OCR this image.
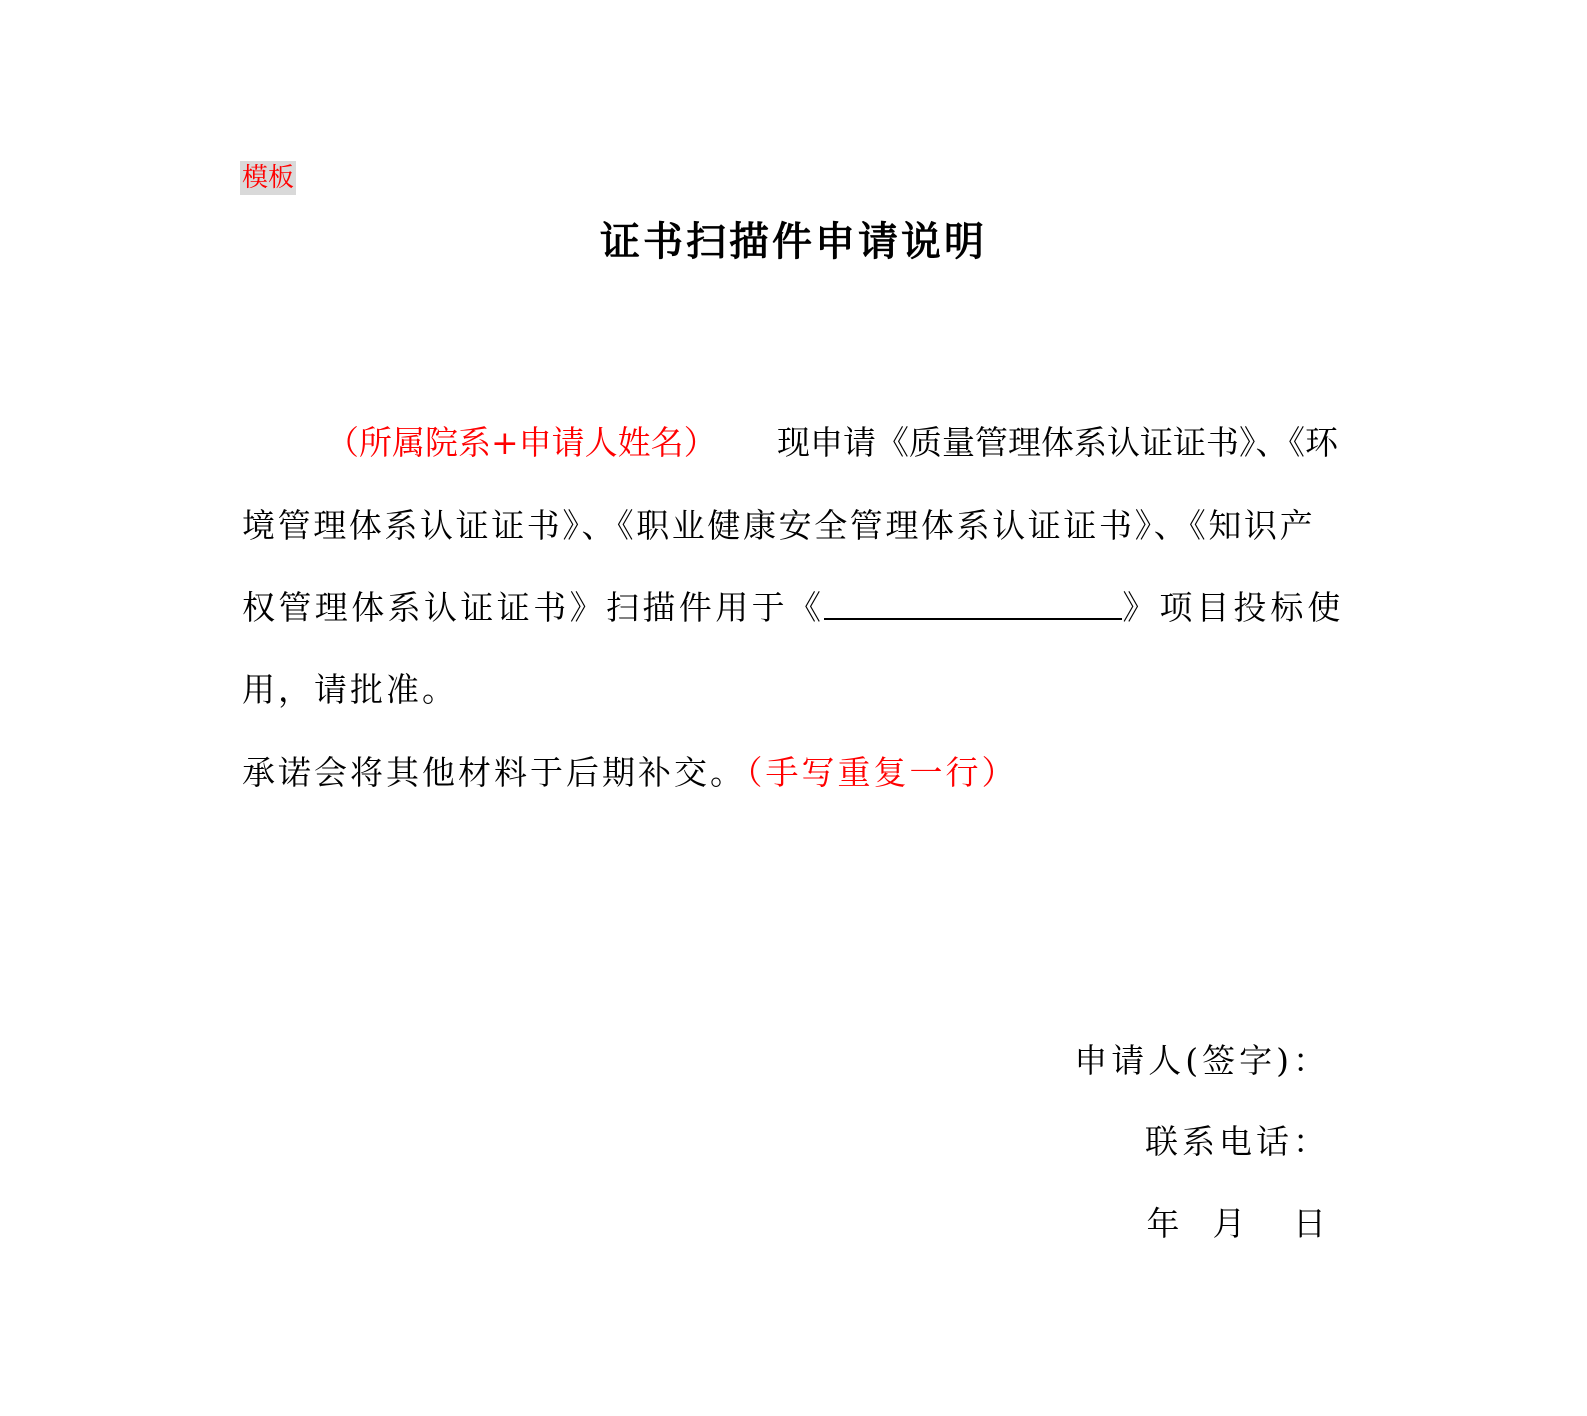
模板
证书扫描件申请说明
（所属院系+申请人姓名） 现申请《质量管理体系认证证书》、《环
境管理体系认证证书》、《职业健康安全管理体系认证证书》、《知识产
权管理体系认证证书》扫描件用于《	》项目投标使
用，请批准。
承诺会将其他材料于后期补交。（手写重复一行）
申请人(签字)：
联系电话：
年  月   日
